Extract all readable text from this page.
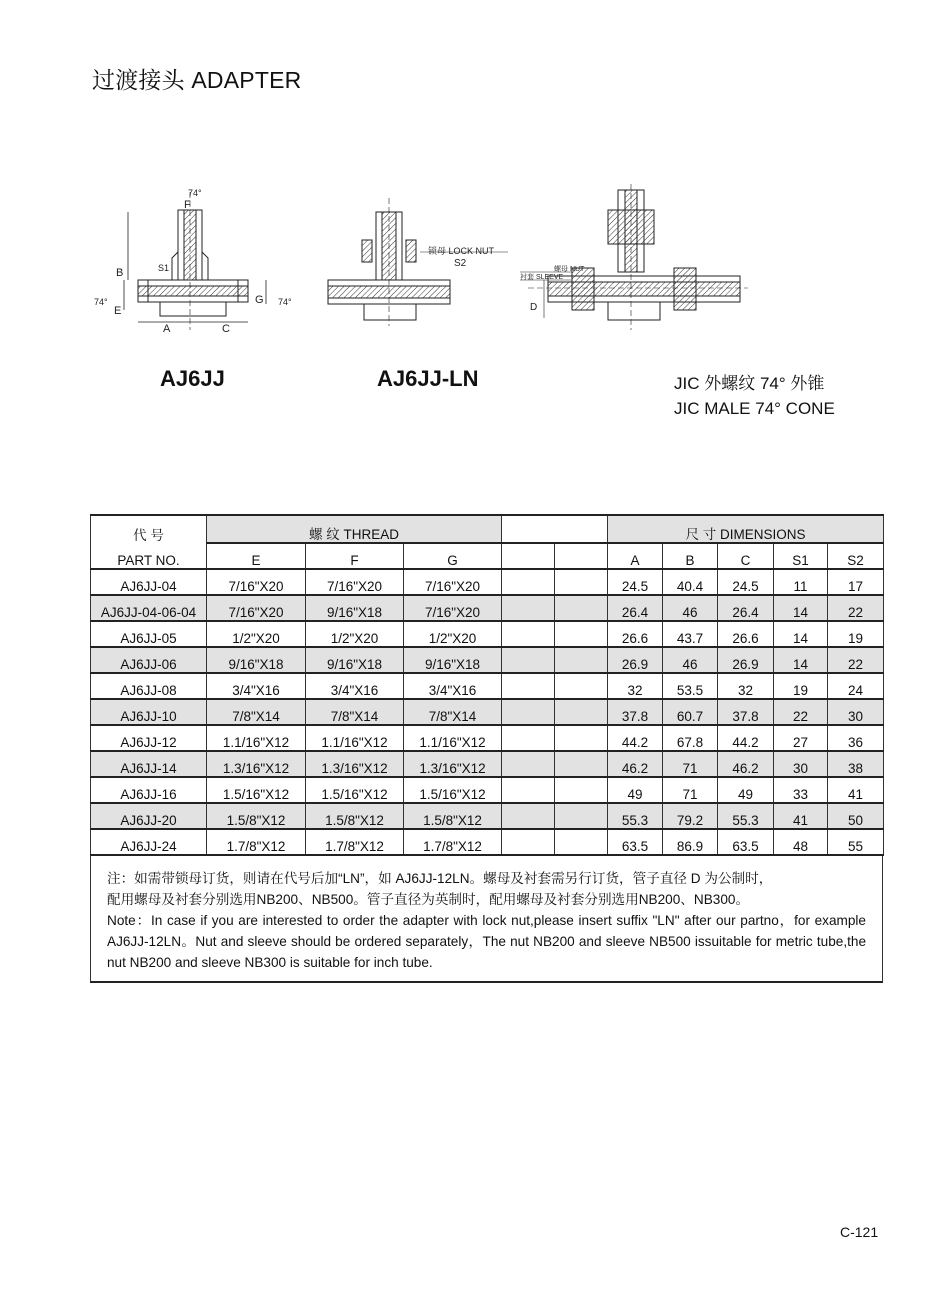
过渡接头 ADAPTER
74°
F
B	S1
74°
E
G 74°
A	C
锁母 LOCK NUT
S2
螺母 NUT
衬套 SLEEVE
D
AJ6JJ	AJ6JJ-LN	JIC 外螺纹 74° 外锥
JIC MALE 74° CONE
代 号	螺 纹 THREAD					尺 寸 DIMENSIONS				
PART NO.	E	F	G			A	B	C	S1	S2
AJ6JJ-04	7/16"X20	7/16"X20	7/16"X20			24.5	40.4	24.5	11	17
AJ6JJ-04-06-04	7/16"X20	9/16"X18	7/16"X20			26.4	46	26.4	14	22
AJ6JJ-05	1/2"X20	1/2"X20	1/2"X20			26.6	43.7	26.6	14	19
AJ6JJ-06	9/16"X18	9/16"X18	9/16"X18			26.9	46	26.9	14	22
AJ6JJ-08	3/4"X16	3/4"X16	3/4"X16			32	53.5	32	19	24
AJ6JJ-10	7/8"X14	7/8"X14	7/8"X14			37.8	60.7	37.8	22	30
AJ6JJ-12	1.1/16"X12	1.1/16"X12	1.1/16"X12			44.2	67.8	44.2	27	36
AJ6JJ-14	1.3/16"X12	1.3/16"X12	1.3/16"X12			46.2	71	46.2	30	38
AJ6JJ-16	1.5/16"X12	1.5/16"X12	1.5/16"X12			49	71	49	33	41
AJ6JJ-20	1.5/8"X12	1.5/8"X12	1.5/8"X12			55.3	79.2	55.3	41	50
AJ6JJ-24	1.7/8"X12	1.7/8"X12	1.7/8"X12			63.5	86.9	63.5	48	55

注：如需带锁母订货，则请在代号后加“LN”，如 AJ6JJ-12LN。螺母及衬套需另行订货，管子直径 D 为公制时，

配用螺母及衬套分别选用NB200、NB500。管子直径为英制时，配用螺母及衬套分别选用NB200、NB300。

Note：In case if you are interested to order the adapter with lock nut,please insert suffix "LN" after our partno，for example AJ6JJ-12LN。Nut and sleeve should be ordered separately，The nut NB200 and sleeve NB500 issuitable for metric tube,the nut NB200 and sleeve NB300 is suitable for inch tube.

C-121
